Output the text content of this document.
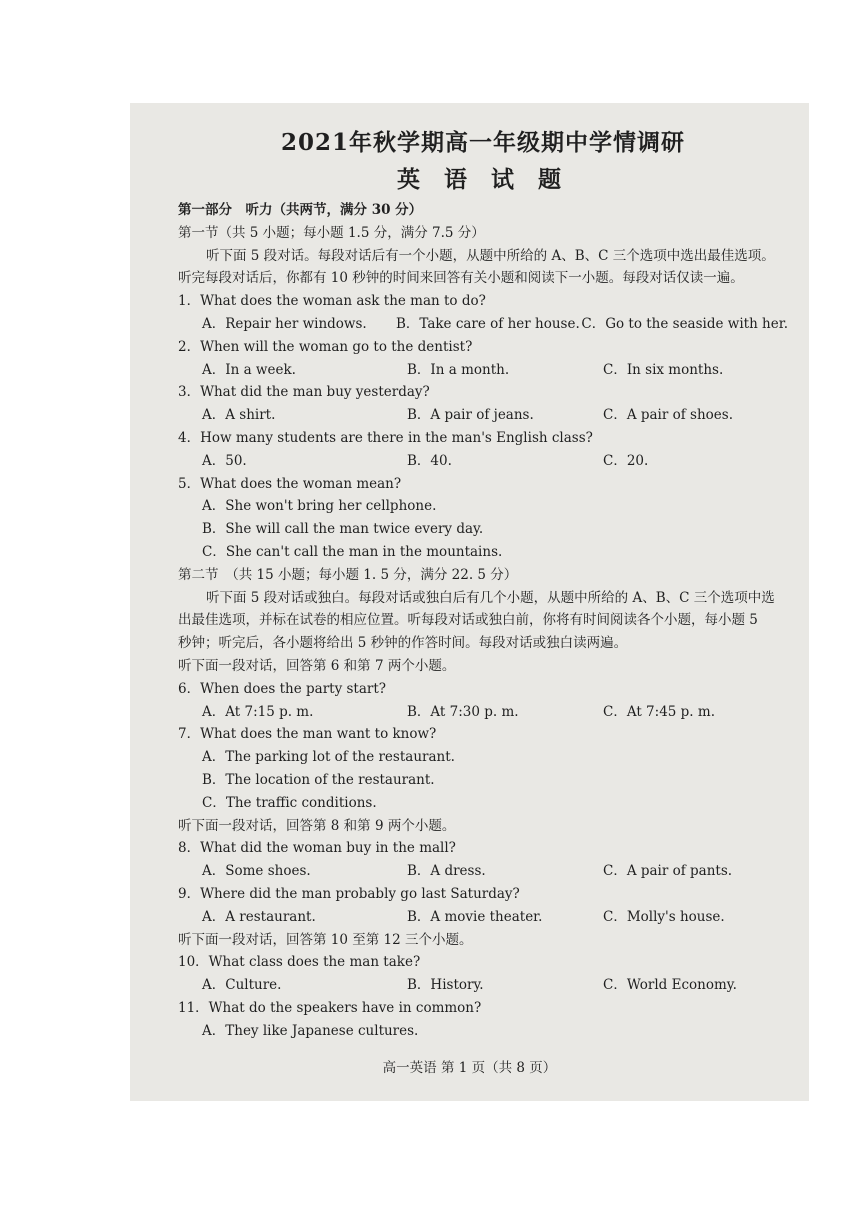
2021年秋学期高一年级期中学情调研
英 语 试 题
第一部分　听力（共两节，满分 30 分）
第一节（共 5 小题；每小题 1.5 分，满分 7.5 分）
听下面 5 段对话。每段对话后有一个小题，从题中所给的 A、B、C 三个选项中选出最佳选项。
听完每段对话后，你都有 10 秒钟的时间来回答有关小题和阅读下一小题。每段对话仅读一遍。
1．What does the woman ask the man to do?
A．Repair her windows.	B．Take care of her house. C．Go to the seaside with her.
2．When will the woman go to the dentist?
A．In a week.	B．In a month.	C．In six months.
3．What did the man buy yesterday?
A．A shirt.	B．A pair of jeans.	C．A pair of shoes.
4．How many students are there in the man's English class?
A．50.	B．40.	C．20.
5．What does the woman mean?
A．She won't bring her cellphone.
B．She will call the man twice every day.
C．She can't call the man in the mountains.
第二节　（共 15 小题；每小题 1. 5 分，满分 22. 5 分）
听下面 5 段对话或独白。每段对话或独白后有几个小题，从题中所给的 A、B、C 三个选项中选
出最佳选项，并标在试卷的相应位置。听每段对话或独白前，你将有时间阅读各个小题，每小题 5
秒钟；听完后，各小题将给出 5 秒钟的作答时间。每段对话或独白读两遍。
听下面一段对话，回答第 6 和第 7 两个小题。
6．When does the party start?
A．At 7:15 p. m.	B．At 7:30 p. m.	C．At 7:45 p. m.
7．What does the man want to know?
A．The parking lot of the restaurant.
B．The location of the restaurant.
C．The traffic conditions.
听下面一段对话，回答第 8 和第 9 两个小题。
8．What did the woman buy in the mall?
A．Some shoes.	B．A dress.	C．A pair of pants.
9．Where did the man probably go last Saturday?
A．A restaurant.	B．A movie theater.	C．Molly's house.
听下面一段对话，回答第 10 至第 12 三个小题。
10．What class does the man take?
A．Culture.	B．History.	C．World Economy.
11．What do the speakers have in common?
A．They like Japanese cultures.
高一英语 第 1 页（共 8 页）
